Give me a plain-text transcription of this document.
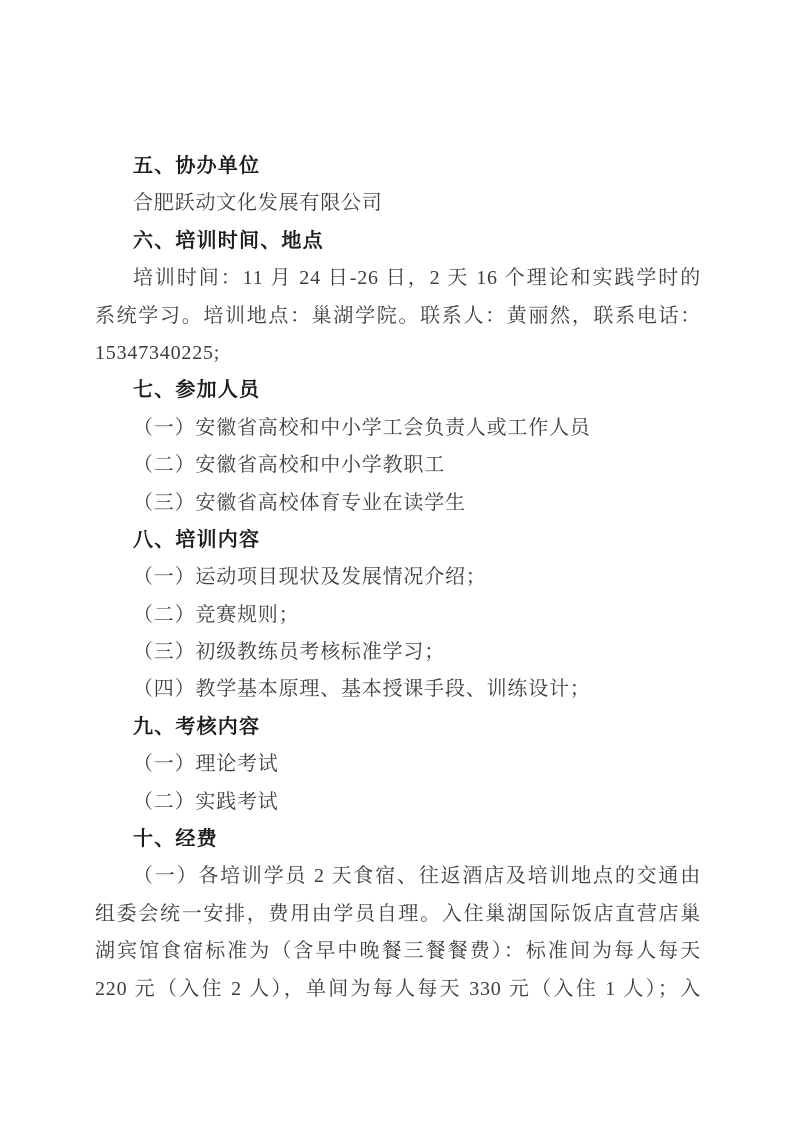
五、协办单位
合肥跃动文化发展有限公司
六、培训时间、地点
培训时间：11 月 24 日-26 日，2 天 16 个理论和实践学时的
系统学习。培训地点：巢湖学院。联系人：黄丽然，联系电话：
15347340225;
七、参加人员
（一）安徽省高校和中小学工会负责人或工作人员
（二）安徽省高校和中小学教职工
（三）安徽省高校体育专业在读学生
八、培训内容
（一）运动项目现状及发展情况介绍；
（二）竞赛规则；
（三）初级教练员考核标准学习；
（四）教学基本原理、基本授课手段、训练设计；
九、考核内容
（一）理论考试
（二）实践考试
十、经费
（一）各培训学员 2 天食宿、往返酒店及培训地点的交通由
组委会统一安排，费用由学员自理。入住巢湖国际饭店直营店巢
湖宾馆食宿标准为（含早中晚餐三餐餐费）：标准间为每人每天
220 元（入住 2 人），单间为每人每天 330 元（入住 1 人）；入
